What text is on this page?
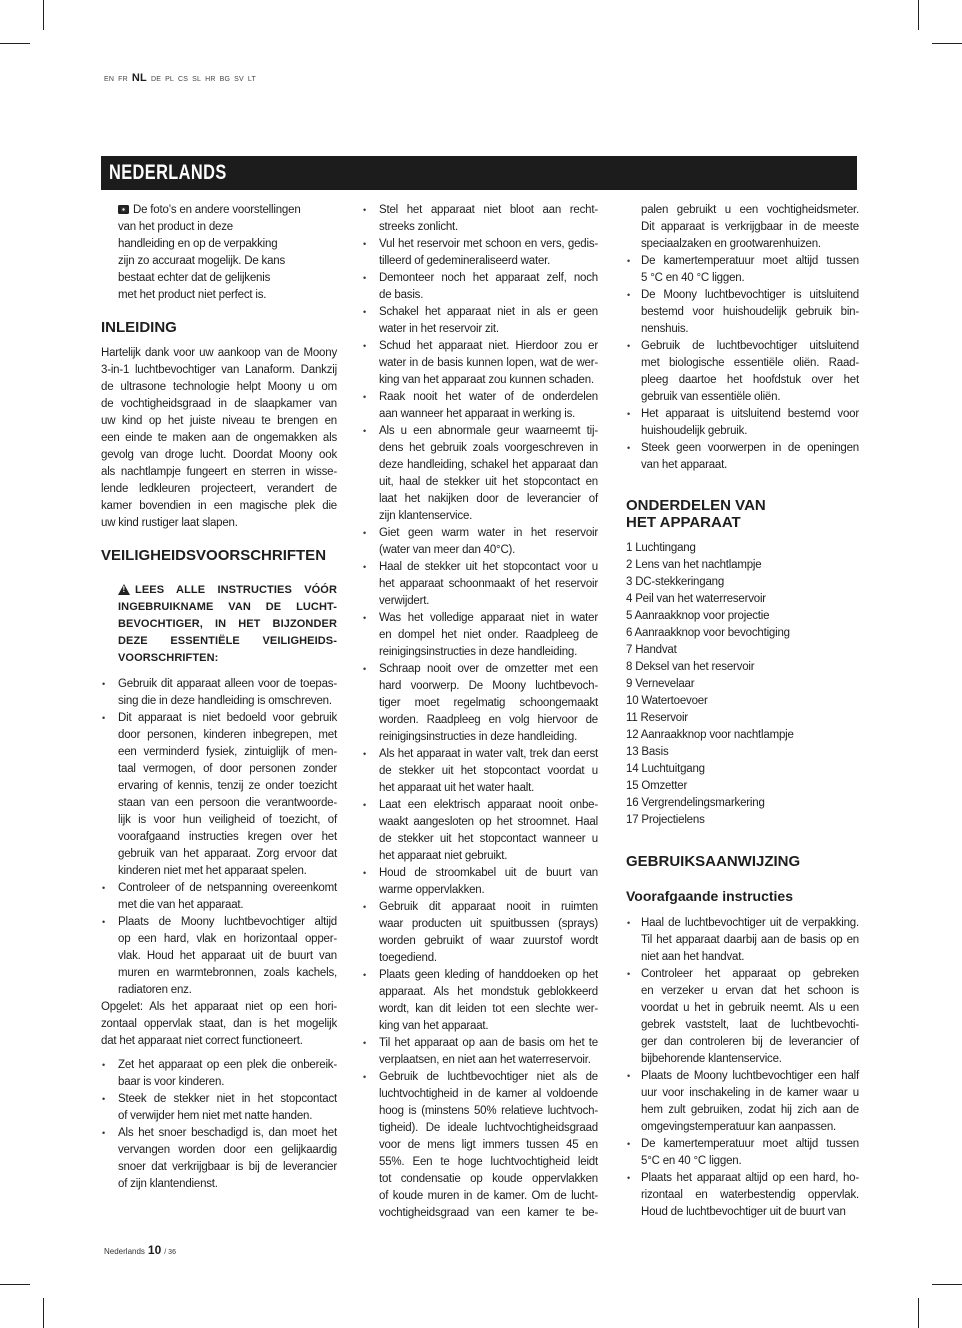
EN FR NL DE PL CS SL HR BG SV LT
NEDERLANDS
De foto’s en andere voorstellingen
van het product in deze
handleiding en op de verpakking
zijn zo accuraat mogelijk. De kans
bestaat echter dat de gelijkenis
met het product niet perfect is.
INLEIDING
Hartelijk dank voor uw aankoop van de Moony
3-in-1 luchtbevochtiger van Lanaform. Dankzij
de ultrasone technologie helpt Moony u om
de vochtigheidsgraad in de slaapkamer van
uw kind op het juiste niveau te brengen en
een einde te maken aan de ongemakken als
gevolg van droge lucht. Doordat Moony ook
als nachtlampje fungeert en sterren in wisse-
lende ledkleuren projecteert, verandert de
kamer bovendien in een magische plek die
uw kind rustiger laat slapen.
VEILIGHEIDSVOORSCHRIFTEN
!
LEES ALLE INSTRUCTIES VÓÓR
INGEBRUIKNAME VAN DE LUCHT-
BEVOCHTIGER, IN HET BIJZONDER
DEZE ESSENTIËLE VEILIGHEIDS-
VOORSCHRIFTEN:
• Gebruik dit apparaat alleen voor de toepas-
sing die in deze handleiding is omschreven.
• Dit apparaat is niet bedoeld voor gebruik
door personen, kinderen inbegrepen, met
een verminderd fysiek, zintuiglijk of men-
taal vermogen, of door personen zonder
ervaring of kennis, tenzij ze onder toezicht
staan van een persoon die verantwoorde-
lijk is voor hun veiligheid of toezicht, of
voorafgaand instructies kregen over het
gebruik van het apparaat. Zorg ervoor dat
kinderen niet met het apparaat spelen.
• Controleer of de netspanning overeenkomt
met die van het apparaat.
• Plaats de Moony luchtbevochtiger altijd
op een hard, vlak en horizontaal opper-
vlak. Houd het apparaat uit de buurt van
muren en warmtebronnen, zoals kachels,
radiatoren enz.
Opgelet: Als het apparaat niet op een hori-
zontaal oppervlak staat, dan is het mogelijk
dat het apparaat niet correct functioneert.
• Zet het apparaat op een plek die onbereik-
baar is voor kinderen.
• Steek de stekker niet in het stopcontact
of verwijder hem niet met natte handen.
• Als het snoer beschadigd is, dan moet het
vervangen worden door een gelijkaardig
snoer dat verkrijgbaar is bij de leverancier
of zijn klantendienst.
• Stel het apparaat niet bloot aan recht-
streeks zonlicht.
• Vul het reservoir met schoon en vers, gedis-
tilleerd of gedemineraliseerd water.
• Demonteer noch het apparaat zelf, noch
de basis.
• Schakel het apparaat niet in als er geen
water in het reservoir zit.
• Schud het apparaat niet. Hierdoor zou er
water in de basis kunnen lopen, wat de wer-
king van het apparaat zou kunnen schaden.
• Raak nooit het water of de onderdelen
aan wanneer het apparaat in werking is.
• Als u een abnormale geur waarneemt tij-
dens het gebruik zoals voorgeschreven in
deze handleiding, schakel het apparaat dan
uit, haal de stekker uit het stopcontact en
laat het nakijken door de leverancier of
zijn klantenservice.
• Giet geen warm water in het reservoir
(water van meer dan 40°C).
• Haal de stekker uit het stopcontact voor u
het apparaat schoonmaakt of het reservoir
verwijdert.
• Was het volledige apparaat niet in water
en dompel het niet onder. Raadpleeg de
reinigingsinstructies in deze handleiding.
• Schraap nooit over de omzetter met een
hard voorwerp. De Moony luchtbevoch-
tiger moet regelmatig schoongemaakt
worden. Raadpleeg en volg hiervoor de
reinigingsinstructies in deze handleiding.
• Als het apparaat in water valt, trek dan eerst
de stekker uit het stopcontact voordat u
het apparaat uit het water haalt.
• Laat een elektrisch apparaat nooit onbe-
waakt aangesloten op het stroomnet. Haal
de stekker uit het stopcontact wanneer u
het apparaat niet gebruikt.
• Houd de stroomkabel uit de buurt van
warme oppervlakken.
• Gebruik dit apparaat nooit in ruimten
waar producten uit spuitbussen (sprays)
worden gebruikt of waar zuurstof wordt
toegediend.
• Plaats geen kleding of handdoeken op het
apparaat. Als het mondstuk geblokkeerd
wordt, kan dit leiden tot een slechte wer-
king van het apparaat.
• Til het apparaat op aan de basis om het te
verplaatsen, en niet aan het waterreservoir.
• Gebruik de luchtbevochtiger niet als de
luchtvochtigheid in de kamer al voldoende
hoog is (minstens 50% relatieve luchtvoch-
tigheid). De ideale luchtvochtigheidsgraad
voor de mens ligt immers tussen 45 en
55%. Een te hoge luchtvochtigheid leidt
tot condensatie op koude oppervlakken
of koude muren in de kamer. Om de lucht-
vochtigheidsgraad van een kamer te be-
palen gebruikt u een vochtigheidsmeter.
Dit apparaat is verkrijgbaar in de meeste
speciaalzaken en grootwarenhuizen.
• De kamertemperatuur moet altijd tussen
5 °C en 40 °C liggen.
• De Moony luchtbevochtiger is uitsluitend
bestemd voor huishoudelijk gebruik bin-
nenshuis.
• Gebruik de luchtbevochtiger uitsluitend
met biologische essentiële oliën. Raad-
pleeg daartoe het hoofdstuk over het
gebruik van essentiële oliën.
• Het apparaat is uitsluitend bestemd voor
huishoudelijk gebruik.
• Steek geen voorwerpen in de openingen
van het apparaat.
ONDERDELEN VAN
HET APPARAAT
1 Luchtingang
2 Lens van het nachtlampje
3 DC-stekkeringang
4 Peil van het waterreservoir
5 Aanraakknop voor projectie
6 Aanraakknop voor bevochtiging
7 Handvat
8 Deksel van het reservoir
9 Vernevelaar
10 Watertoevoer
11 Reservoir
12 Aanraakknop voor nachtlampje
13 Basis
14 Luchtuitgang
15 Omzetter
16 Vergrendelingsmarkering
17 Projectielens
GEBRUIKSAANWIJZING
Voorafgaande instructies
• Haal de luchtbevochtiger uit de verpakking.
Til het apparaat daarbij aan de basis op en
niet aan het handvat.
• Controleer het apparaat op gebreken
en verzeker u ervan dat het schoon is
voordat u het in gebruik neemt. Als u een
gebrek vaststelt, laat de luchtbevochti-
ger dan controleren bij de leverancier of
bijbehorende klantenservice.
• Plaats de Moony luchtbevochtiger een half
uur voor inschakeling in de kamer waar u
hem zult gebruiken, zodat hij zich aan de
omgevingstemperatuur kan aanpassen.
• De kamertemperatuur moet altijd tussen
5°C en 40 °C liggen.
• Plaats het apparaat altijd op een hard, ho-
rizontaal en waterbestendig oppervlak.
Houd de luchtbevochtiger uit de buurt van
Nederlands 10 / 36
